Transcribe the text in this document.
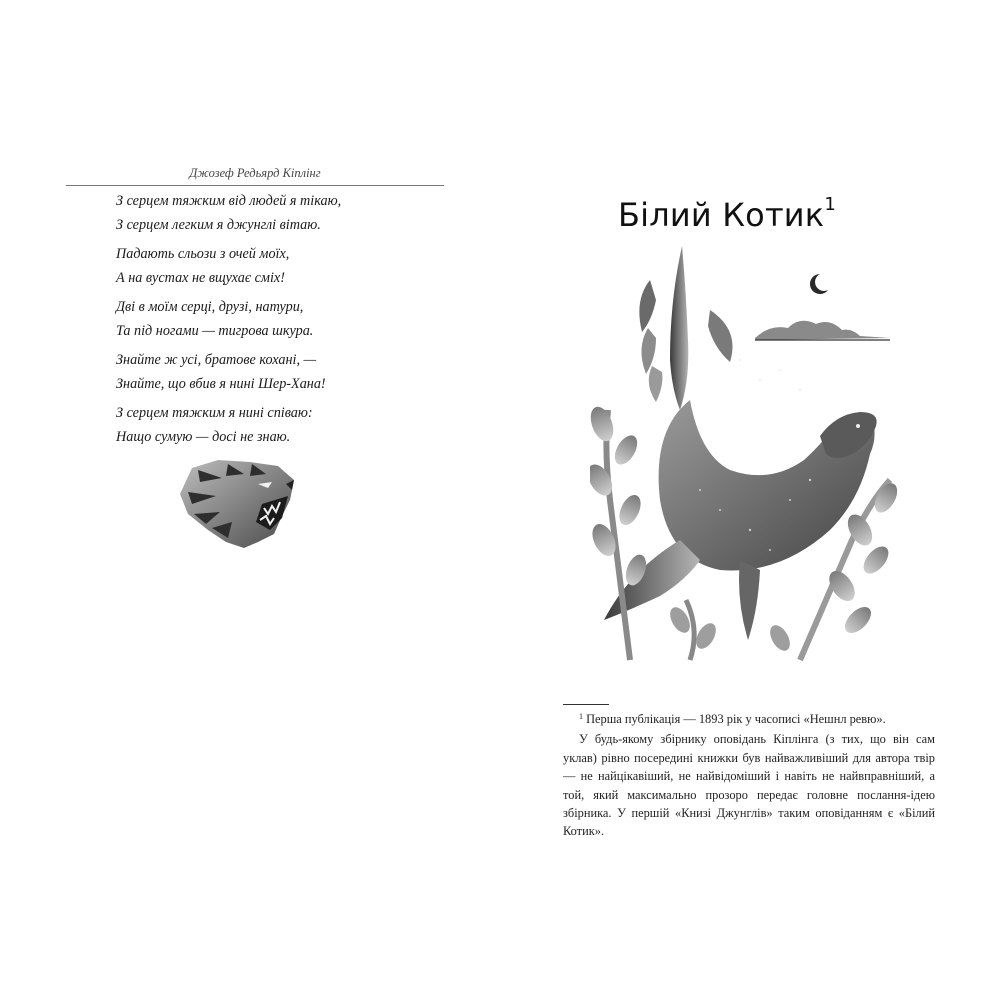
Джозеф Редьярд Кіплінг
З серцем тяжким від людей я тікаю,
З серцем легким я джунглі вітаю.
Падають сльози з очей моїх,
А на вустах не вщухає сміх!
Дві в моїм серці, друзі, натури,
Та під ногами — тигрова шкура.
Знайте ж усі, братове кохані, —
Знайте, що вбив я нині Шер-Хана!
З серцем тяжким я нині співаю:
Нащо сумую — досі не знаю.
Білий Котик$^1$

$^1$ Перша публікація — 1893 рік у часописі «Нешнл ревю».

У будь-якому збірнику оповідань Кіплінга (з тих, що він сам уклав) рівно посередині книжки був найважливіший для автора твір — не найцікавіший, не найвідоміший і навіть не найвправніший, а той, який максимально прозоро передає головне послання-ідею збірника. У першій «Книзі Джунглів» таким оповіданням є «Білий Котик».
